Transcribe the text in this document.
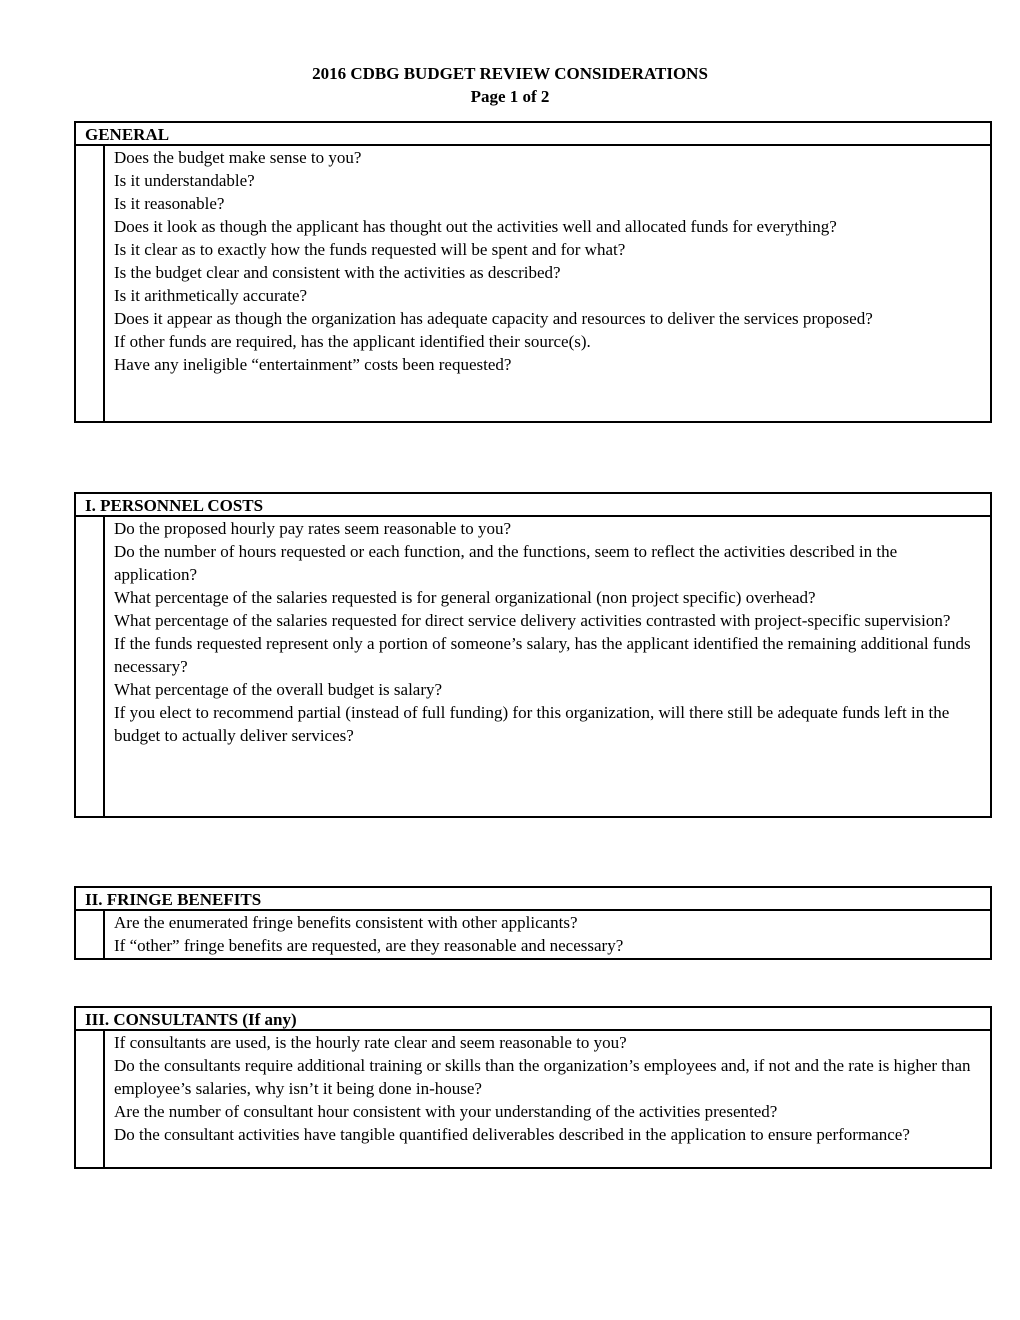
2016 CDBG BUDGET REVIEW CONSIDERATIONS
Page 1 of 2
GENERAL

Does the budget make sense to you?

Is it understandable?

Is it reasonable?

Does it look as though the applicant has thought out the activities well and allocated funds for everything?

Is it clear as to exactly how the funds requested will be spent and for what?

Is the budget clear and consistent with the activities as described?

Is it arithmetically accurate?

Does it appear as though the organization has adequate capacity and resources to deliver the services proposed?

If other funds are required, has the applicant identified their source(s).

Have any ineligible “entertainment” costs been requested?

I. PERSONNEL COSTS

Do the proposed hourly pay rates seem reasonable to you?

Do the number of hours requested or each function, and the functions, seem to reflect the activities described in the application?

What percentage of the salaries requested is for general organizational (non project specific) overhead?

What percentage of the salaries requested for direct service delivery activities contrasted with project-specific supervision?

If the funds requested represent only a portion of someone’s salary, has the applicant identified the remaining additional funds necessary?

What percentage of the overall budget is salary?

If you elect to recommend partial (instead of full funding) for this organization, will there still be adequate funds left in the budget to actually deliver services?

II. FRINGE BENEFITS

Are the enumerated fringe benefits consistent with other applicants?

If “other” fringe benefits are requested, are they reasonable and necessary?

III. CONSULTANTS (If any)

If consultants are used, is the hourly rate clear and seem reasonable to you?

Do the consultants require additional training or skills than the organization’s employees and, if not and the rate is higher than employee’s salaries, why isn’t it being done in-house?

Are the number of consultant hour consistent with your understanding of the activities presented?

Do the consultant activities have tangible quantified deliverables described in the application to ensure performance?
